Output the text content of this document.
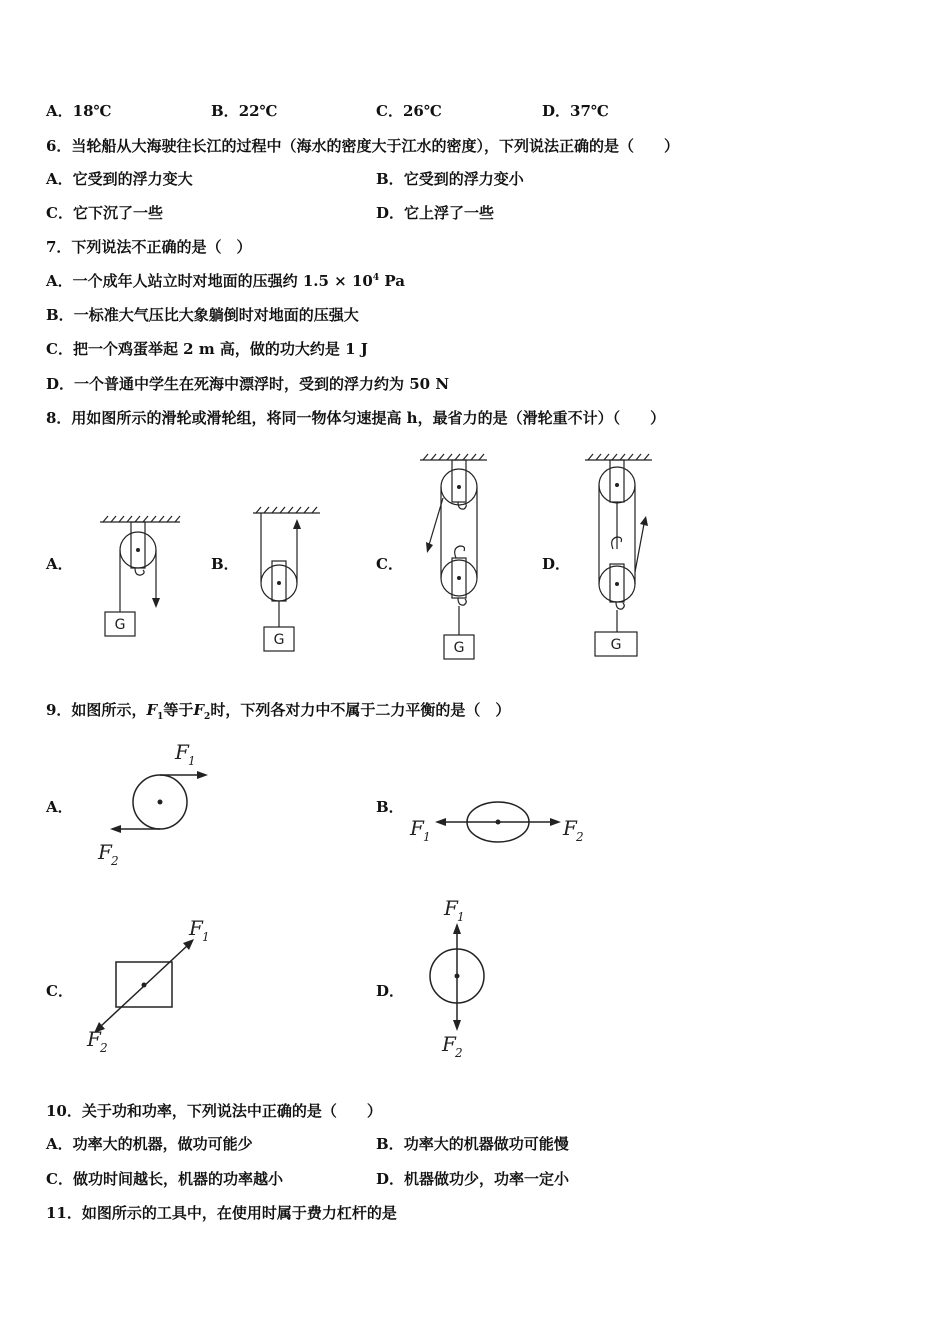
A．18℃	B．22℃	C．26℃	D．37℃
6．当轮船从大海驶往长江的过程中（海水的密度大于江水的密度），下列说法正确的是（　　）
A．它受到的浮力变大	B．它受到的浮力变小
C．它下沉了一些	D．它上浮了一些
7．下列说法不正确的是（　）
A．一个成年人站立时对地面的压强约 $1.5 \times 10^4$ Pa
B．一标准大气压比大象躺倒时对地面的压强大
C．把一个鸡蛋举起 2 m 高，做的功大约是 1 J
D．一个普通中学生在死海中漂浮时，受到的浮力约为 50 N
8．用如图所示的滑轮或滑轮组，将同一物体匀速提高 h，最省力的是（滑轮重不计）（　　）
A．	B．	C．	D．
G
G	G	G
9．如图所示，$F_1$等于$F_2$时，下列各对力中不属于二力平衡的是（　）
A．	B．
C．	D．
F 1
F 2
F 1	F 2
F 1
F 2
F 1
F 2
10．关于功和功率，下列说法中正确的是（　　）
A．功率大的机器，做功可能少	B．功率大的机器做功可能慢
C．做功时间越长，机器的功率越小	D．机器做功少，功率一定小
11．如图所示的工具中，在使用时属于费力杠杆的是
